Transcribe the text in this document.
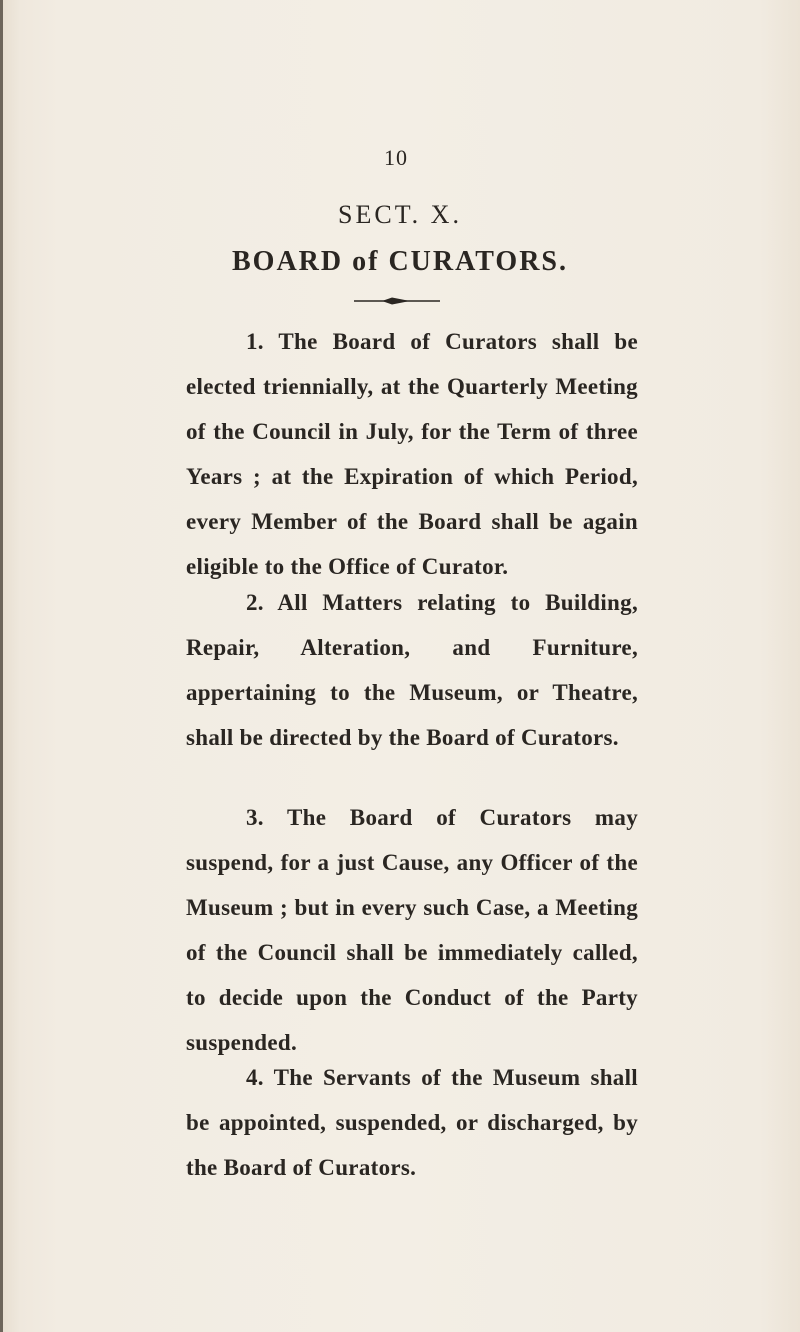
10
SECT. X.
BOARD of CURATORS.

1. The Board of Curators shall be elected triennially, at the Quarterly Meeting of the Council in July, for the Term of three Years ; at the Expiration of which Period, every Member of the Board shall be again eligible to the Office of Curator.

2. All Matters relating to Building, Repair, Alteration, and Furniture, appertaining to the Museum, or Theatre, shall be directed by the Board of Curators.

3. The Board of Curators may suspend, for a just Cause, any Officer of the Museum ; but in every such Case, a Meeting of the Council shall be immediately called, to decide upon the Conduct of the Party suspended.

4. The Servants of the Museum shall be appointed, suspended, or discharged, by the Board of Curators.
